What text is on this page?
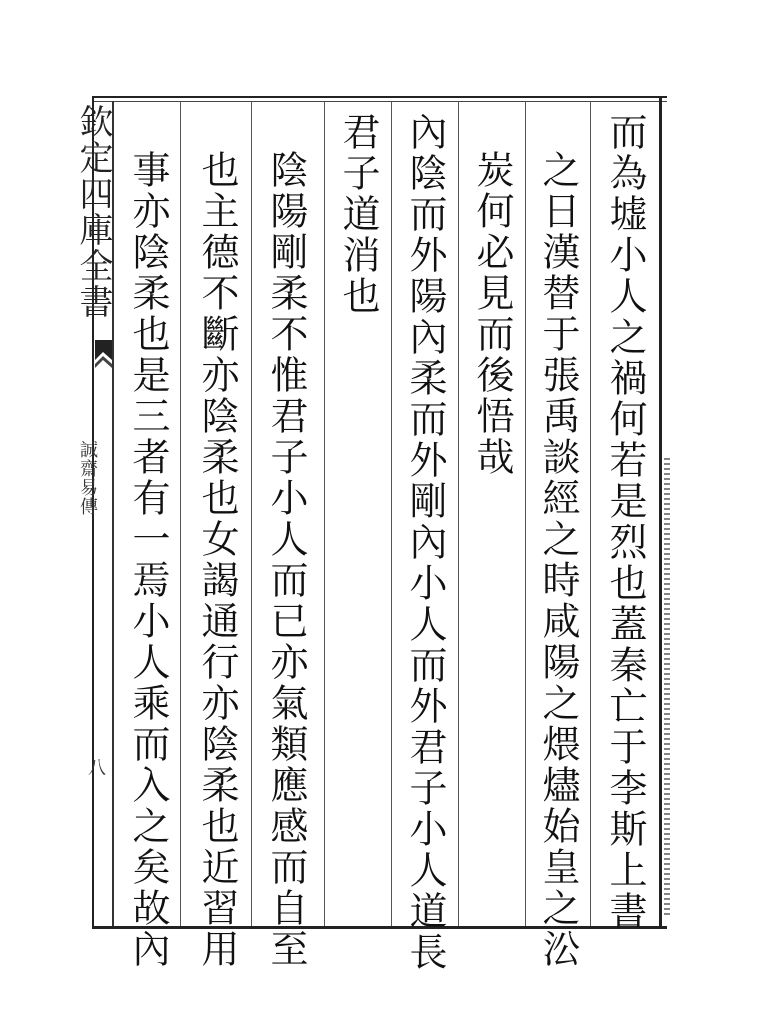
欽定四庫全書
誠齋易傳
八	而為墟小人之禍何若是烈也蓋秦亡于李斯上書
之日漢替于張禹談經之時咸陽之煨燼始皇之㳂
炭何必見而後悟哉
內陰而外陽內柔而外剛內小人而外君子小人道長
君子道消也
陰陽剛柔不惟君子小人而已亦氣類應感而自至
也主德不斷亦陰柔也女謁通行亦陰柔也近習用
事亦陰柔也是三者有一焉小人乘而入之矣故內
